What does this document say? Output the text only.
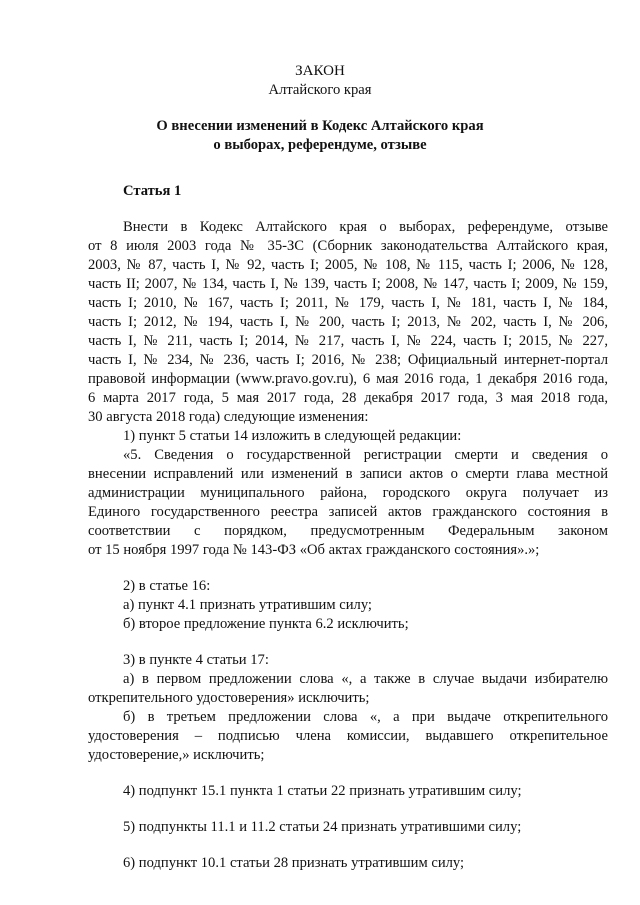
ЗАКОН
Алтайского края
О внесении изменений в Кодекс Алтайского края
о выборах, референдуме, отзыве
Статья 1
Внести в Кодекс Алтайского края о выборах, референдуме, отзыве
от 8 июля 2003 года № 35-ЗС (Сборник законодательства Алтайского края,
2003, № 87, часть I, № 92, часть I; 2005, № 108, № 115, часть I; 2006, № 128,
часть II; 2007, № 134, часть I, № 139, часть I; 2008, № 147, часть I; 2009, № 159,
часть I; 2010, № 167, часть I; 2011, № 179, часть I, № 181, часть I, № 184,
часть I; 2012, № 194, часть I, № 200, часть I; 2013, № 202, часть I, № 206,
часть I, № 211, часть I; 2014, № 217, часть I, № 224, часть I; 2015, № 227,
часть I, № 234, № 236, часть I; 2016, № 238; Официальный интернет-портал
правовой информации (www.pravo.gov.ru), 6 мая 2016 года, 1 декабря 2016 года,
6 марта 2017 года, 5 мая 2017 года, 28 декабря 2017 года, 3 мая 2018 года,
30 августа 2018 года) следующие изменения:
1) пункт 5 статьи 14 изложить в следующей редакции:
«5. Сведения о государственной регистрации смерти и сведения о
внесении исправлений или изменений в записи актов о смерти глава местной
администрации муниципального района, городского округа получает из
Единого государственного реестра записей актов гражданского состояния в
соответствии с порядком, предусмотренным Федеральным законом
от 15 ноября 1997 года № 143-ФЗ «Об актах гражданского состояния».»;
2) в статье 16:
а) пункт 4.1 признать утратившим силу;
б) второе предложение пункта 6.2 исключить;
3) в пункте 4 статьи 17:
а) в первом предложении слова «, а также в случае выдачи избирателю
открепительного удостоверения» исключить;
б) в третьем предложении слова «, а при выдаче открепительного
удостоверения – подписью члена комиссии, выдавшего открепительное
удостоверение,» исключить;
4) подпункт 15.1 пункта 1 статьи 22 признать утратившим силу;
5) подпункты 11.1 и 11.2 статьи 24 признать утратившими силу;
6) подпункт 10.1 статьи 28 признать утратившим силу;
